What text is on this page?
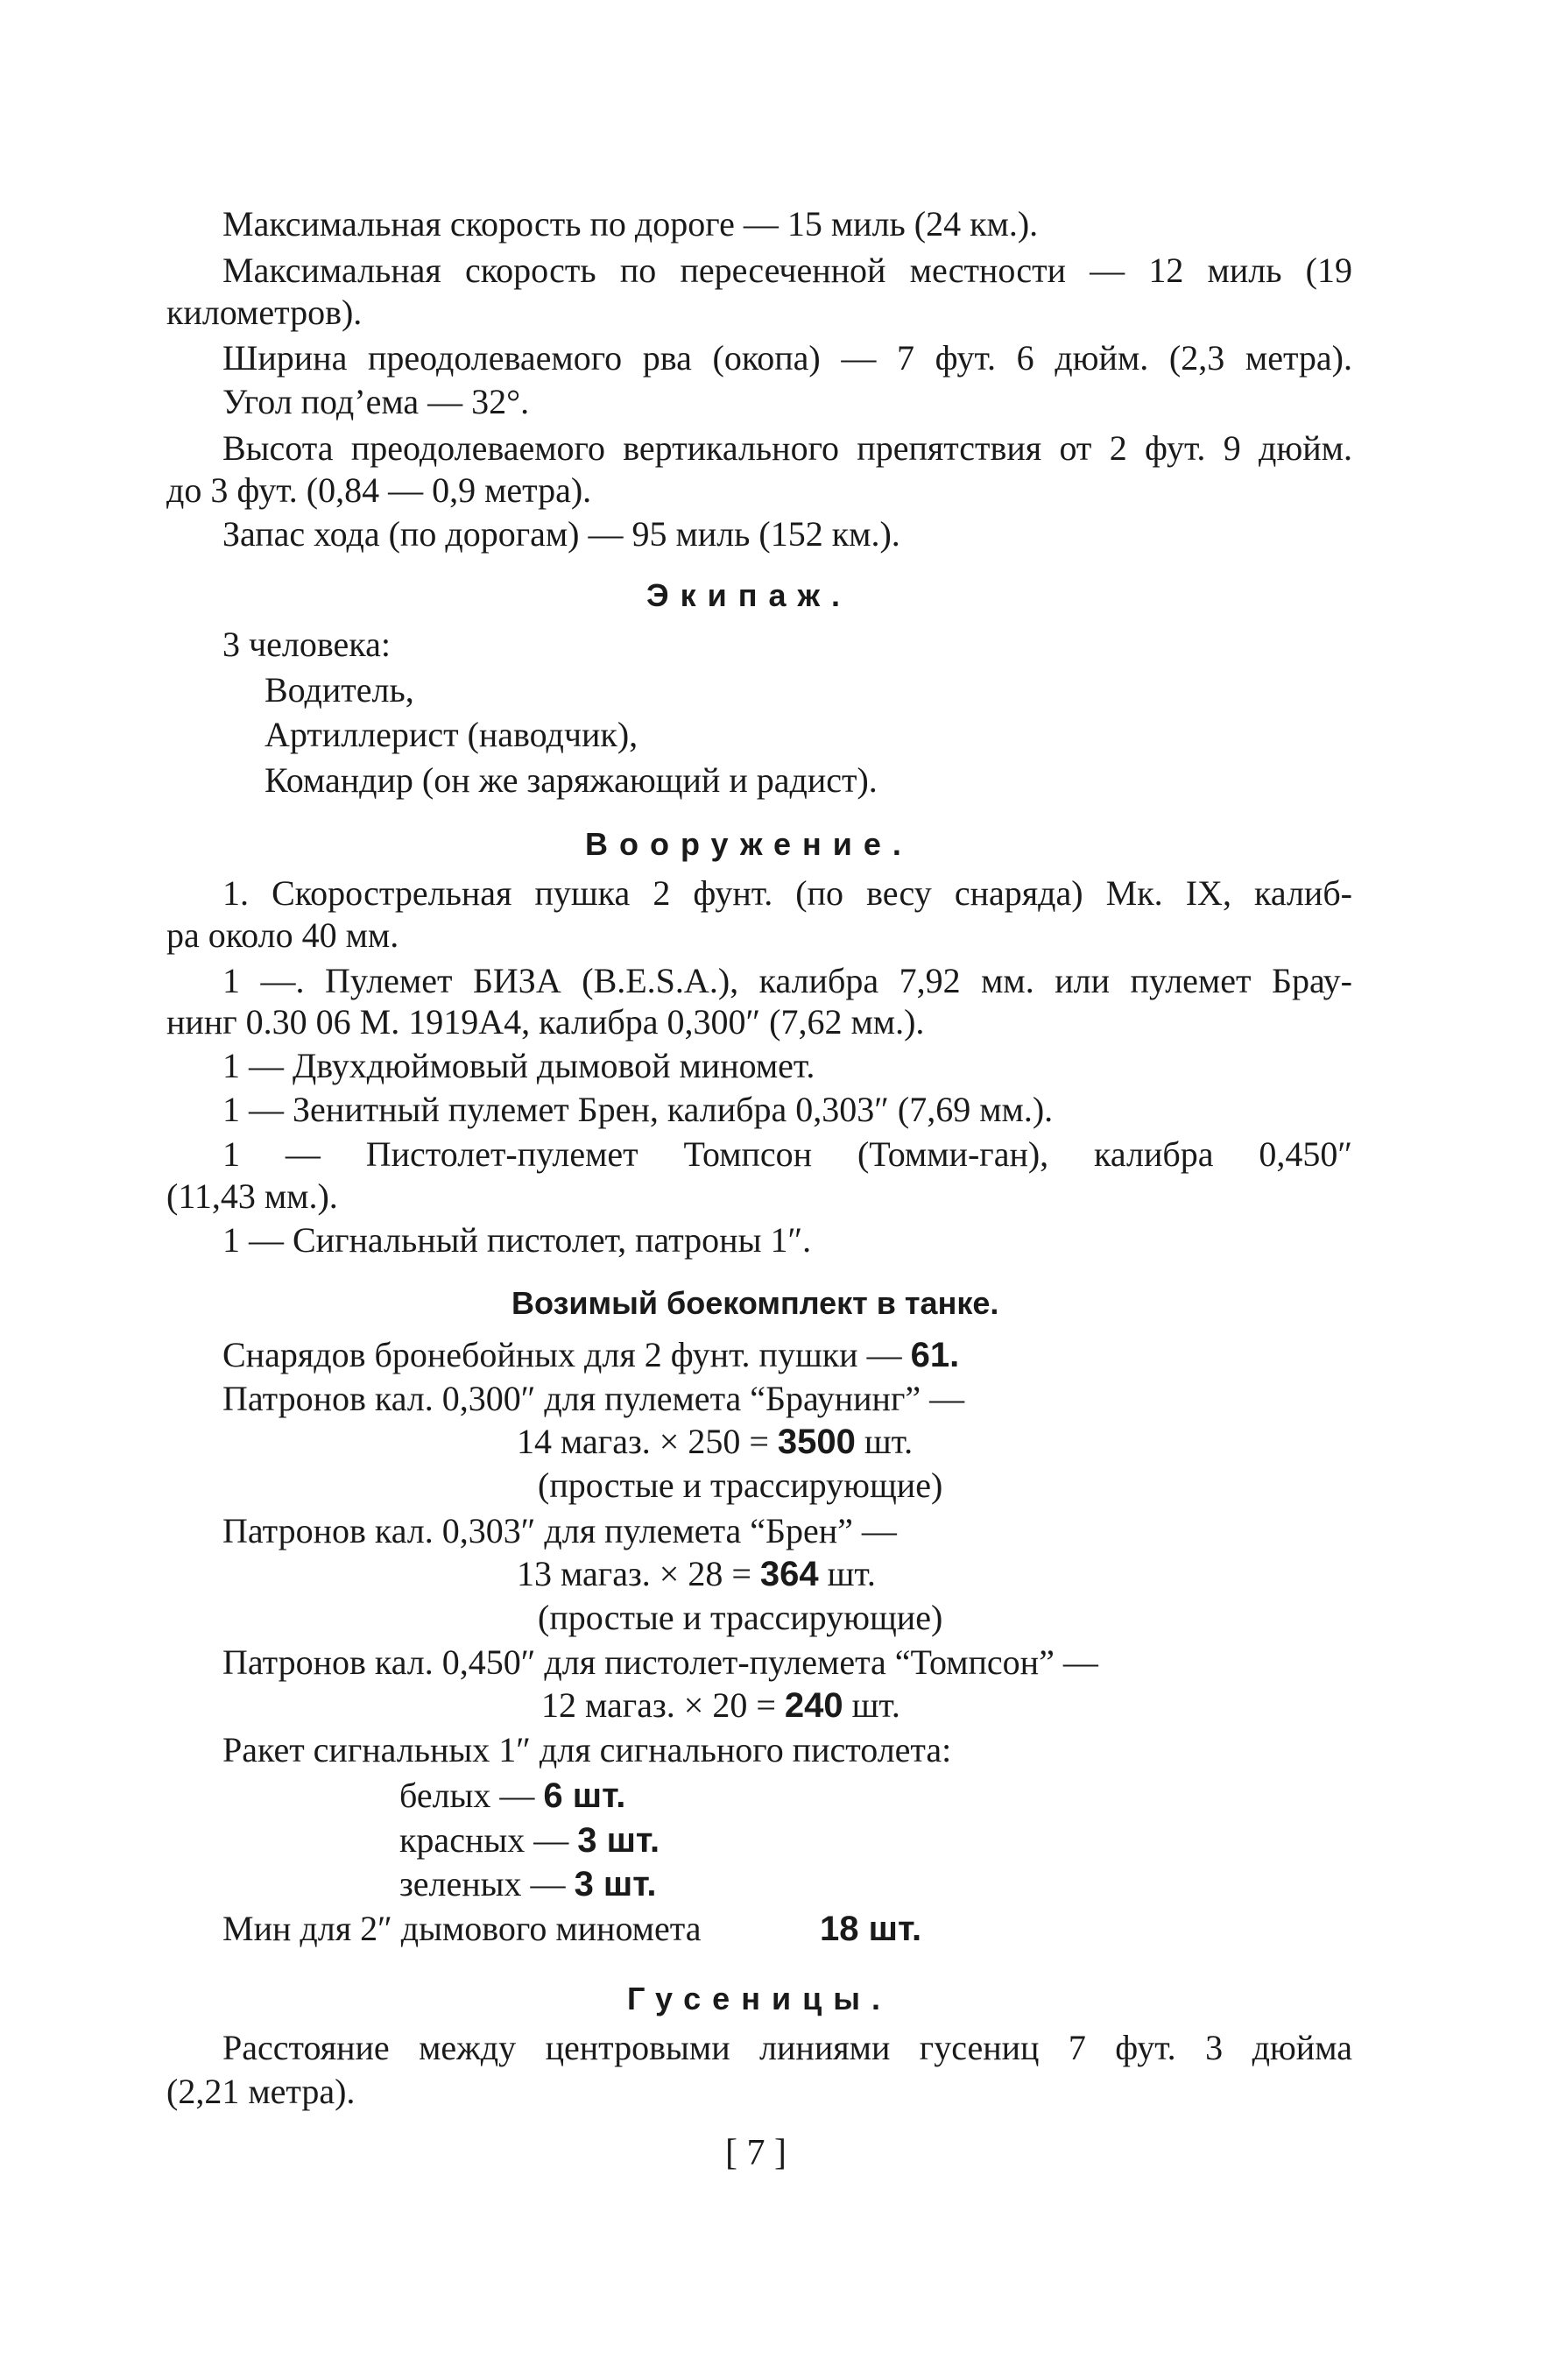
Максимальная скорость по дороге — 15 миль (24 км.).
Максимальная скорость по пересеченной местности — 12 миль (19
километров).
Ширина преодолеваемого рва (окопа) — 7 фут. 6 дюйм. (2,3 метра).
Угол под’ема — 32°.
Высота преодолеваемого вертикального препятствия от 2 фут. 9 дюйм.
до 3 фут. (0,84 — 0,9 метра).
Запас хода (по дорогам) — 95 миль (152 км.).
Экипаж.
3 человека:
Водитель,
Артиллерист (наводчик),
Командир (он же заряжающий и радист).
Вооружение.
1. Скорострельная пушка 2 фунт. (по весу снаряда) Мк. IX, калиб-
ра около 40 мм.
1 —. Пулемет БИЗА (B.E.S.A.), калибра 7,92 мм. или пулемет Брау-
нинг 0.30 06 М. 1919А4, калибра 0,300″ (7,62 мм.).
1 — Двухдюймовый дымовой миномет.
1 — Зенитный пулемет Брен, калибра 0,303″ (7,69 мм.).
1 — Пистолет-пулемет Томпсон (Томми-ган), калибра 0,450″
(11,43 мм.).
1 — Сигнальный пистолет, патроны 1″.
Возимый боекомплект в танке.
Снарядов бронебойных для 2 фунт. пушки — 61.
Патронов кал. 0,300″ для пулемета “Браунинг” —
14 магаз. × 250 = 3500 шт.
(простые и трассирующие)
Патронов кал. 0,303″ для пулемета “Брен” —
13 магаз. × 28 = 364 шт.
(простые и трассирующие)
Патронов кал. 0,450″ для пистолет-пулемета “Томпсон” —
12 магаз. × 20 = 240 шт.
Ракет сигнальных 1″ для сигнального пистолета:
белых — 6 шт.
красных — 3 шт.
зеленых — 3 шт.
Мин для 2″ дымового миномета	18 шт.
Гусеницы.
Расстояние между центровыми линиями гусениц 7 фут. 3 дюйма
(2,21 метра).
[ 7 ]
